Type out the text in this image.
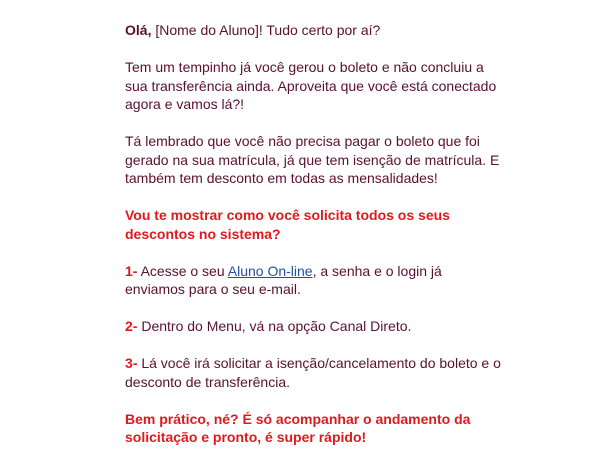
Olá, [Nome do Aluno]! Tudo certo por aí?

Tem um tempinho já você gerou o boleto e não concluiu a sua transferência ainda. Aproveita que você está conectado agora e vamos lá?!

Tá lembrado que você não precisa pagar o boleto que foi gerado na sua matrícula, já que tem isenção de matrícula. E também tem desconto em todas as mensalidades!

Vou te mostrar como você solicita todos os seus descontos no sistema?

1- Acesse o seu Aluno On-line, a senha e o login já enviamos para o seu e-mail.

2- Dentro do Menu, vá na opção Canal Direto.

3- Lá você irá solicitar a isenção/cancelamento do boleto e o desconto de transferência.

Bem prático, né? É só acompanhar o andamento da solicitação e pronto, é super rápido!
